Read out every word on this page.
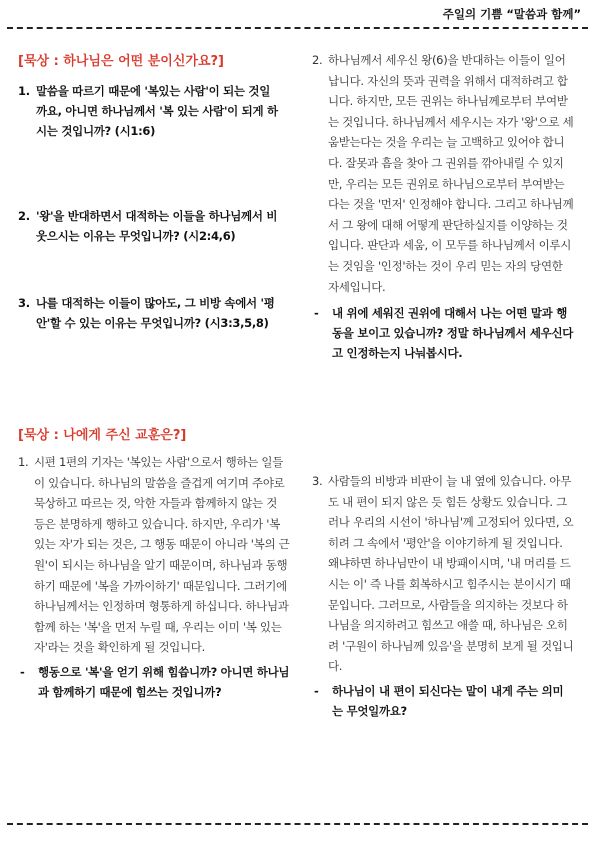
주일의 기쁨 “말씀과 함께”

[묵상 : 하나님은 어떤 분이신가요?]

1. 말씀을 따르기 때문에 '복있는 사람'이 되는 것일까요, 아니면 하나님께서 '복 있는 사람'이 되게 하시는 것입니까? (시1:6)
2. '왕'을 반대하면서 대적하는 이들을 하나님께서 비웃으시는 이유는 무엇입니까? (시2:4,6)
3. 나를 대적하는 이들이 많아도, 그 비방 속에서 '평안'할 수 있는 이유는 무엇입니까? (시3:3,5,8)
2. 하나님께서 세우신 왕(6)을 반대하는 이들이 일어납니다. 자신의 뜻과 권력을 위해서 대적하려고 합니다. 하지만, 모든 권위는 하나님께로부터 부여받는 것입니다. 하나님께서 세우시는 자가 '왕'으로 세움받는다는 것을 우리는 늘 고백하고 있어야 합니다. 잘못과 흠을 찾아 그 권위를 깎아내릴 수 있지만, 우리는 모든 권위로 하나님으로부터 부여받는다는 것을 '먼저' 인정해야 합니다. 그리고 하나님께서 그 왕에 대해 어떻게 판단하실지를 이양하는 것입니다. 판단과 세움, 이 모두를 하나님께서 이루시는 것임을 '인정'하는 것이 우리 믿는 자의 당연한 자세입니다.
- 내 위에 세워진 권위에 대해서 나는 어떤 말과 행동을 보이고 있습니까? 정말 하나님께서 세우신다고 인정하는지 나눠봅시다.

[묵상 : 나에게 주신 교훈은?]

1. 시편 1편의 기자는 '복있는 사람'으로서 행하는 일들이 있습니다. 하나님의 말씀을 즐겁게 여기며 주야로 묵상하고 따르는 것, 악한 자들과 함께하지 않는 것 등은 분명하게 행하고 있습니다. 하지만, 우리가 '복 있는 자'가 되는 것은, 그 행동 때문이 아니라 '복의 근원'이 되시는 하나님을 알기 때문이며, 하나님과 동행하기 때문에 '복을 가까이하기' 때문입니다. 그러기에 하나님께서는 인정하며 형통하게 하십니다. 하나님과 함께 하는 '복'을 먼저 누릴 때, 우리는 이미 '복 있는 자'라는 것을 확인하게 될 것입니다.
- 행동으로 '복'을 얻기 위해 힘씁니까? 아니면 하나님과 함께하기 때문에 힘쓰는 것입니까?
3. 사람들의 비방과 비판이 늘 내 옆에 있습니다. 아무도 내 편이 되지 않은 듯 힘든 상황도 있습니다. 그러나 우리의 시선이 '하나님'께 고정되어 있다면, 오히려 그 속에서 '평안'을 이야기하게 될 것입니다. 왜냐하면 하나님만이 내 방패이시며, '내 머리를 드시는 이' 즉 나를 회복하시고 힘주시는 분이시기 때문입니다. 그러므로, 사람들을 의지하는 것보다 하나님을 의지하려고 힘쓰고 애쓸 때, 하나님은 오히려 '구원이 하나님께 있음'을 분명히 보게 될 것입니다.
- 하나님이 내 편이 되신다는 말이 내게 주는 의미는 무엇일까요?
